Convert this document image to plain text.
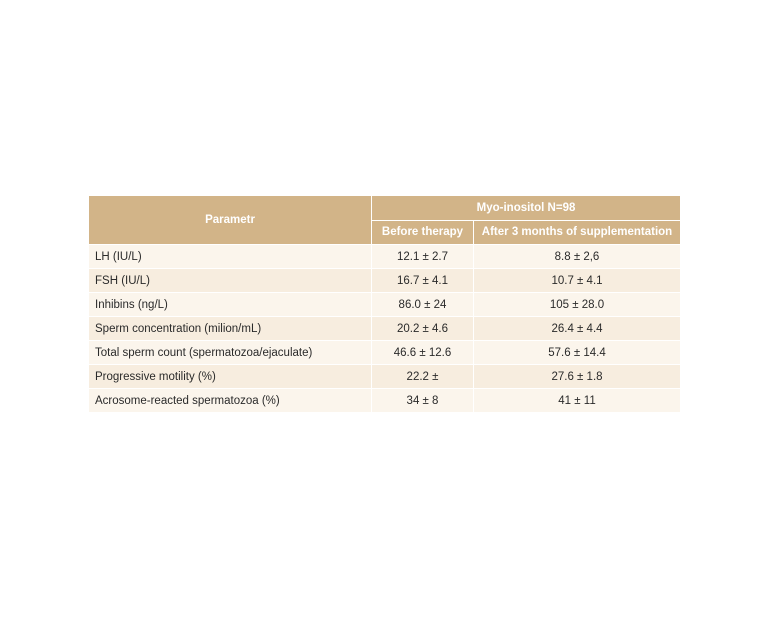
Parametr	Myo-inositol N=98	
	Before therapy	After 3 months of supplementation
LH (IU/L)	12.1 ± 2.7	8.8 ± 2,6
FSH (IU/L)	16.7 ± 4.1	10.7 ± 4.1
Inhibins (ng/L)	86.0 ± 24	105 ± 28.0
Sperm concentration (milion/mL)	20.2 ± 4.6	26.4 ± 4.4
Total sperm count (spermatozoa/ejaculate)	46.6 ± 12.6	57.6 ± 14.4
Progressive motility (%)	22.2 ±	27.6 ± 1.8
Acrosome-reacted spermatozoa (%)	34 ± 8	41 ± 11
